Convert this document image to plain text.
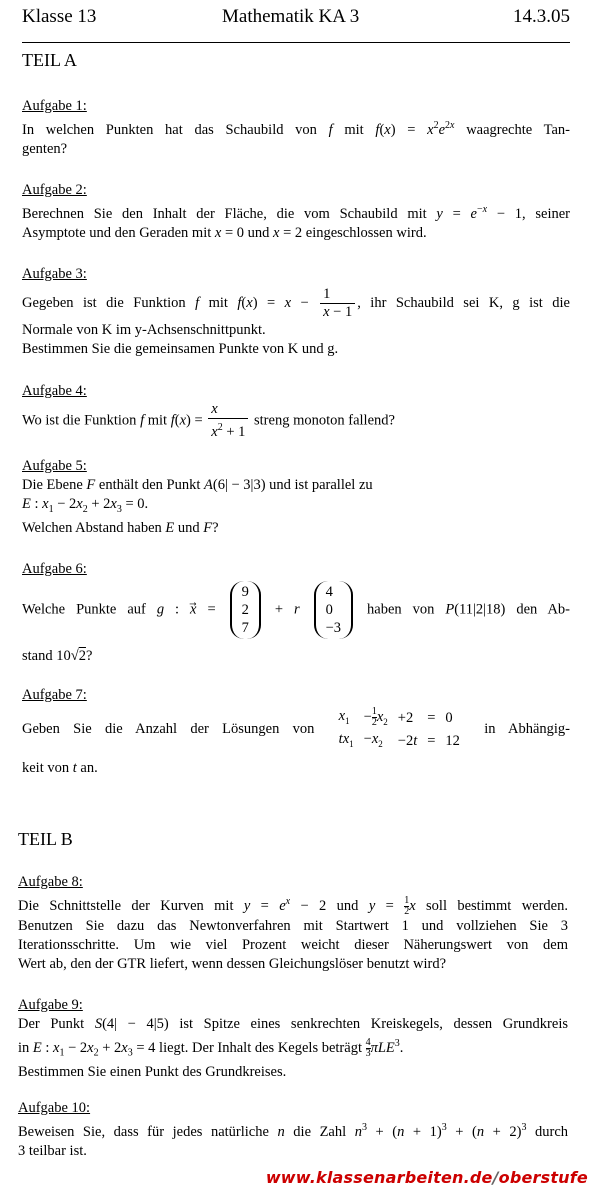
Klasse 13	Mathematik KA 3	14.3.05
TEIL A
Aufgabe 1:
In welchen Punkten hat das Schaubild von f mit $f(x) = x^2e^{2x}$ waagrechte Tan-
genten?
Aufgabe 2:
Berechnen Sie den Inhalt der Fläche, die vom Schaubild mit $y = e^{-x} - 1$, seiner
Asymptote und den Geraden mit x = 0 und x = 2 eingeschlossen wird.
Aufgabe 3:
Gegeben ist die Funktion f mit $f(x) = x - \frac{1}{x - 1}$ , ihr Schaubild sei K, g ist die
Normale von K im y-Achsenschnittpunkt.
Bestimmen Sie die gemeinsamen Punkte von K und g.
Aufgabe 4:
Wo ist die Funktion f mit $f(x) = \frac{x}{x^2 + 1}$ streng monoton fallend?
Aufgabe 5:
Die Ebene F enthält den Punkt A(6| − 3|3) und ist parallel zu
E : $x_1 - 2x_2 + 2x_3 = 0$.
Welchen Abstand haben E und F?
Aufgabe 6:
Welche Punkte auf g : x⃗ =
9
2
7
+ r
4
0
−3
haben von P(11|2|18) den Ab-
stand 10√2?
Aufgabe 7:
Geben Sie die Anzahl der Lösungen von $x_1$	− $\frac{1}{2} x_2$	+2	=	0
$tx_1$	$-x_2$	−2t	=	12 in Abhängig-
keit von t an.
TEIL B
Aufgabe 8:
Die Schnittstelle der Kurven mit $y = e^x - 2$ und $y = \frac{1}{2}$ x soll bestimmt werden.
Benutzen Sie dazu das Newtonverfahren mit Startwert 1 und vollziehen Sie 3
Iterationsschritte. Um wie viel Prozent weicht dieser Näherungswert von dem
Wert ab, den der GTR liefert, wenn dessen Gleichungslöser benutzt wird?
Aufgabe 9:
Der Punkt S(4| − 4|5) ist Spitze eines senkrechten Kreiskegels, dessen Grundkreis
in E : $x_1 - 2x_2 + 2x_3 = 4$ liegt. Der Inhalt des Kegels beträgt $\frac{4}{3} \pi LE^3$.
Bestimmen Sie einen Punkt des Grundkreises.
Aufgabe 10:
Beweisen Sie, dass für jedes natürliche n die Zahl $n^3 + (n + 1)^3 + (n + 2)^3$ durch
3 teilbar ist.
www.klassenarbeiten.de/oberstufe
